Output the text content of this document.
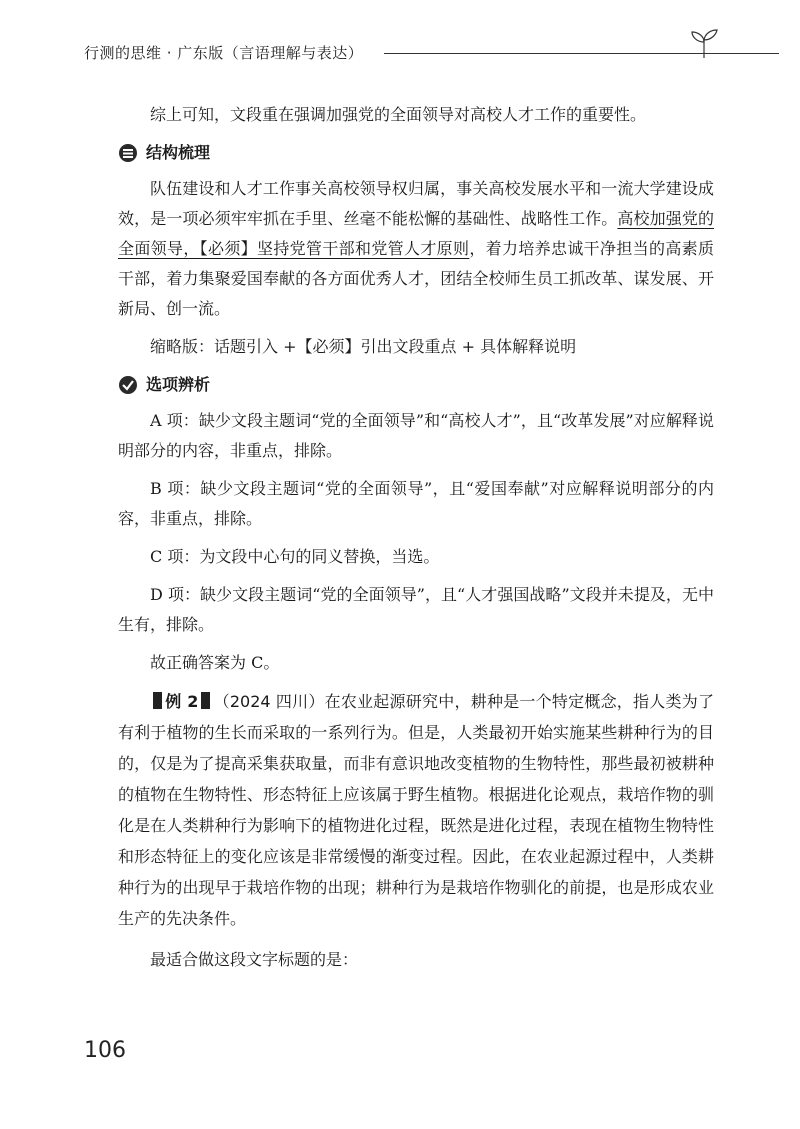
行测的思维 · 广东版（言语理解与表达）

综上可知，文段重在强调加强党的全面领导对高校人才工作的重要性。

结构梳理

队伍建设和人才工作事关高校领导权归属，事关高校发展水平和一流大学建设成效，是一项必须牢牢抓在手里、丝毫不能松懈的基础性、战略性工作。高校加强党的全面领导，【必须】坚持党管干部和党管人才原则，着力培养忠诚干净担当的高素质干部，着力集聚爱国奉献的各方面优秀人才，团结全校师生员工抓改革、谋发展、开新局、创一流。

缩略版：话题引入 +【必须】引出文段重点 + 具体解释说明

选项辨析

A 项：缺少文段主题词“党的全面领导”和“高校人才”，且“改革发展”对应解释说明部分的内容，非重点，排除。

B 项：缺少文段主题词“党的全面领导”，且“爱国奉献”对应解释说明部分的内容，非重点，排除。

C 项：为文段中心句的同义替换，当选。

D 项：缺少文段主题词“党的全面领导”，且“人才强国战略”文段并未提及，无中生有，排除。

故正确答案为 C。

例 2 （2024 四川）在农业起源研究中，耕种是一个特定概念，指人类为了有利于植物的生长而采取的一系列行为。但是，人类最初开始实施某些耕种行为的目的，仅是为了提高采集获取量，而非有意识地改变植物的生物特性，那些最初被耕种的植物在生物特性、形态特征上应该属于野生植物。根据进化论观点，栽培作物的驯化是在人类耕种行为影响下的植物进化过程，既然是进化过程，表现在植物生物特性和形态特征上的变化应该是非常缓慢的渐变过程。因此，在农业起源过程中，人类耕种行为的出现早于栽培作物的出现；耕种行为是栽培作物驯化的前提，也是形成农业生产的先决条件。

最适合做这段文字标题的是：

106
